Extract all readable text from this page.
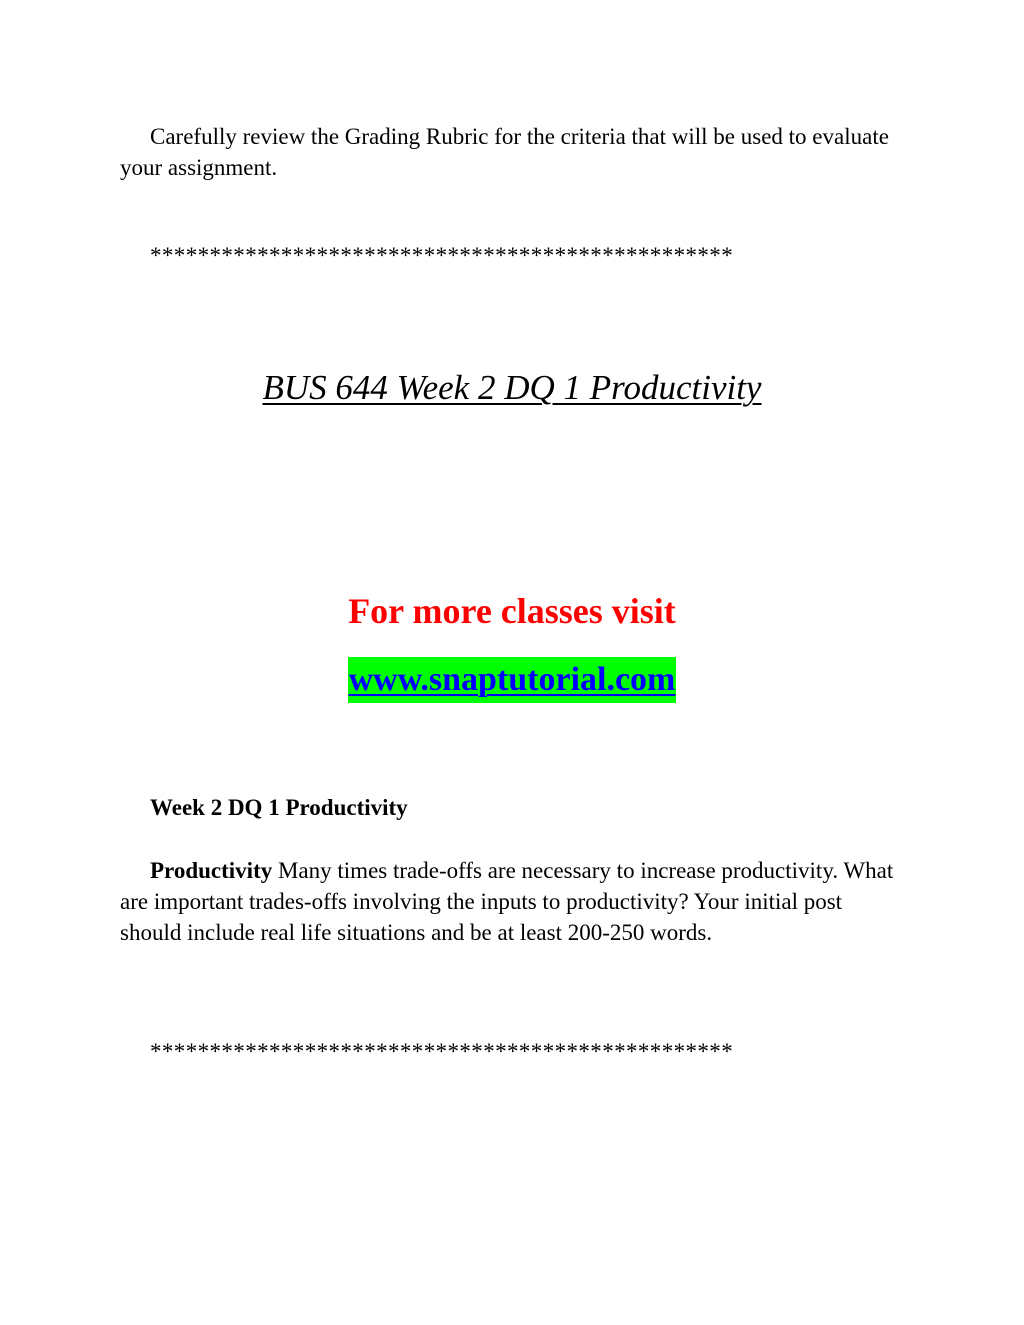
Carefully review the Grading Rubric for the criteria that will be used to evaluate your assignment.

*************************************************
BUS 644 Week 2 DQ 1 Productivity
For more classes visit
www.snaptutorial.com
Week 2 DQ 1 Productivity

Productivity Many times trade-offs are necessary to increase productivity. What are important trades-offs involving the inputs to productivity? Your initial post should include real life situations and be at least 200-250 words.

*************************************************
